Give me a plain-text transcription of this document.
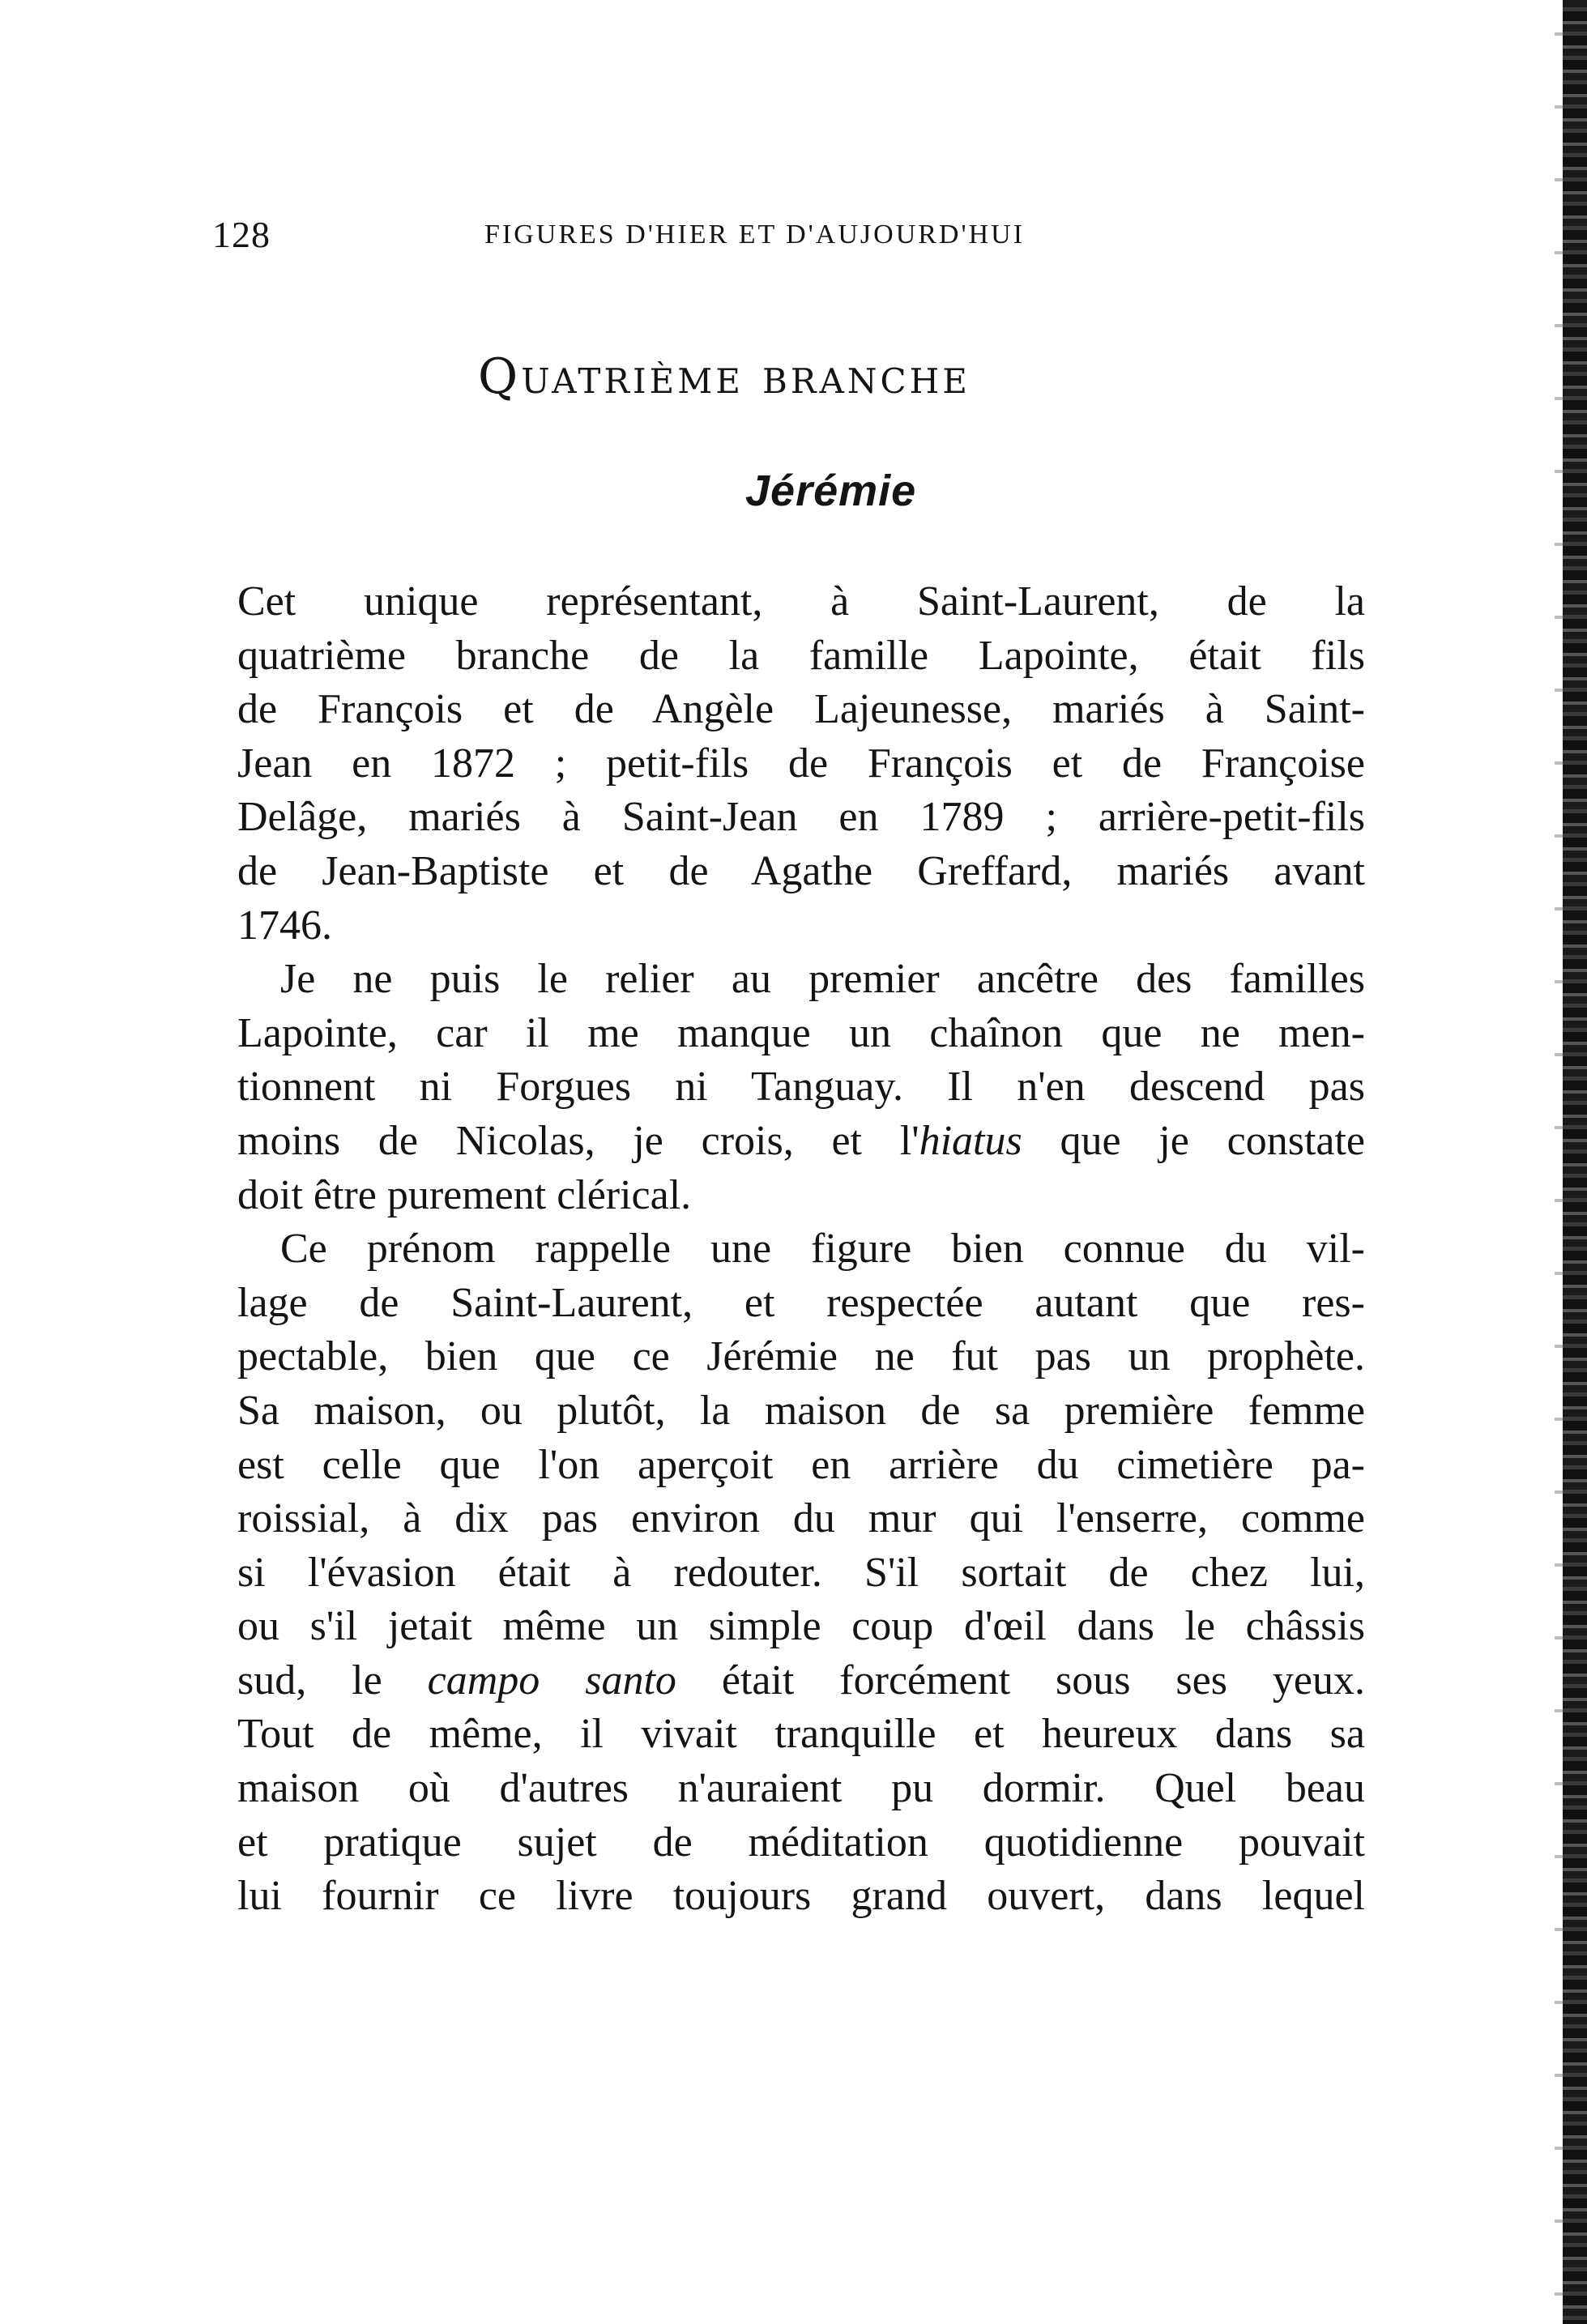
128	FIGURES D'HIER ET D'AUJOURD'HUI
Quatrième branche
Jérémie
Cet unique représentant, à Saint-Laurent, de la
quatrième branche de la famille Lapointe, était fils
de François et de Angèle Lajeunesse, mariés à Saint-
Jean en 1872 ; petit-fils de François et de Françoise
Delâge, mariés à Saint-Jean en 1789 ; arrière-petit-fils
de Jean-Baptiste et de Agathe Greffard, mariés avant
1746.
Je ne puis le relier au premier ancêtre des familles
Lapointe, car il me manque un chaînon que ne men-
tionnent ni Forgues ni Tanguay. Il n'en descend pas
moins de Nicolas, je crois, et l'hiatus que je constate
doit être purement clérical.
Ce prénom rappelle une figure bien connue du vil-
lage de Saint-Laurent, et respectée autant que res-
pectable, bien que ce Jérémie ne fut pas un prophète.
Sa maison, ou plutôt, la maison de sa première femme
est celle que l'on aperçoit en arrière du cimetière pa-
roissial, à dix pas environ du mur qui l'enserre, comme
si l'évasion était à redouter. S'il sortait de chez lui,
ou s'il jetait même un simple coup d'œil dans le châssis
sud, le campo santo était forcément sous ses yeux.
Tout de même, il vivait tranquille et heureux dans sa
maison où d'autres n'auraient pu dormir. Quel beau
et pratique sujet de méditation quotidienne pouvait
lui fournir ce livre toujours grand ouvert, dans lequel
